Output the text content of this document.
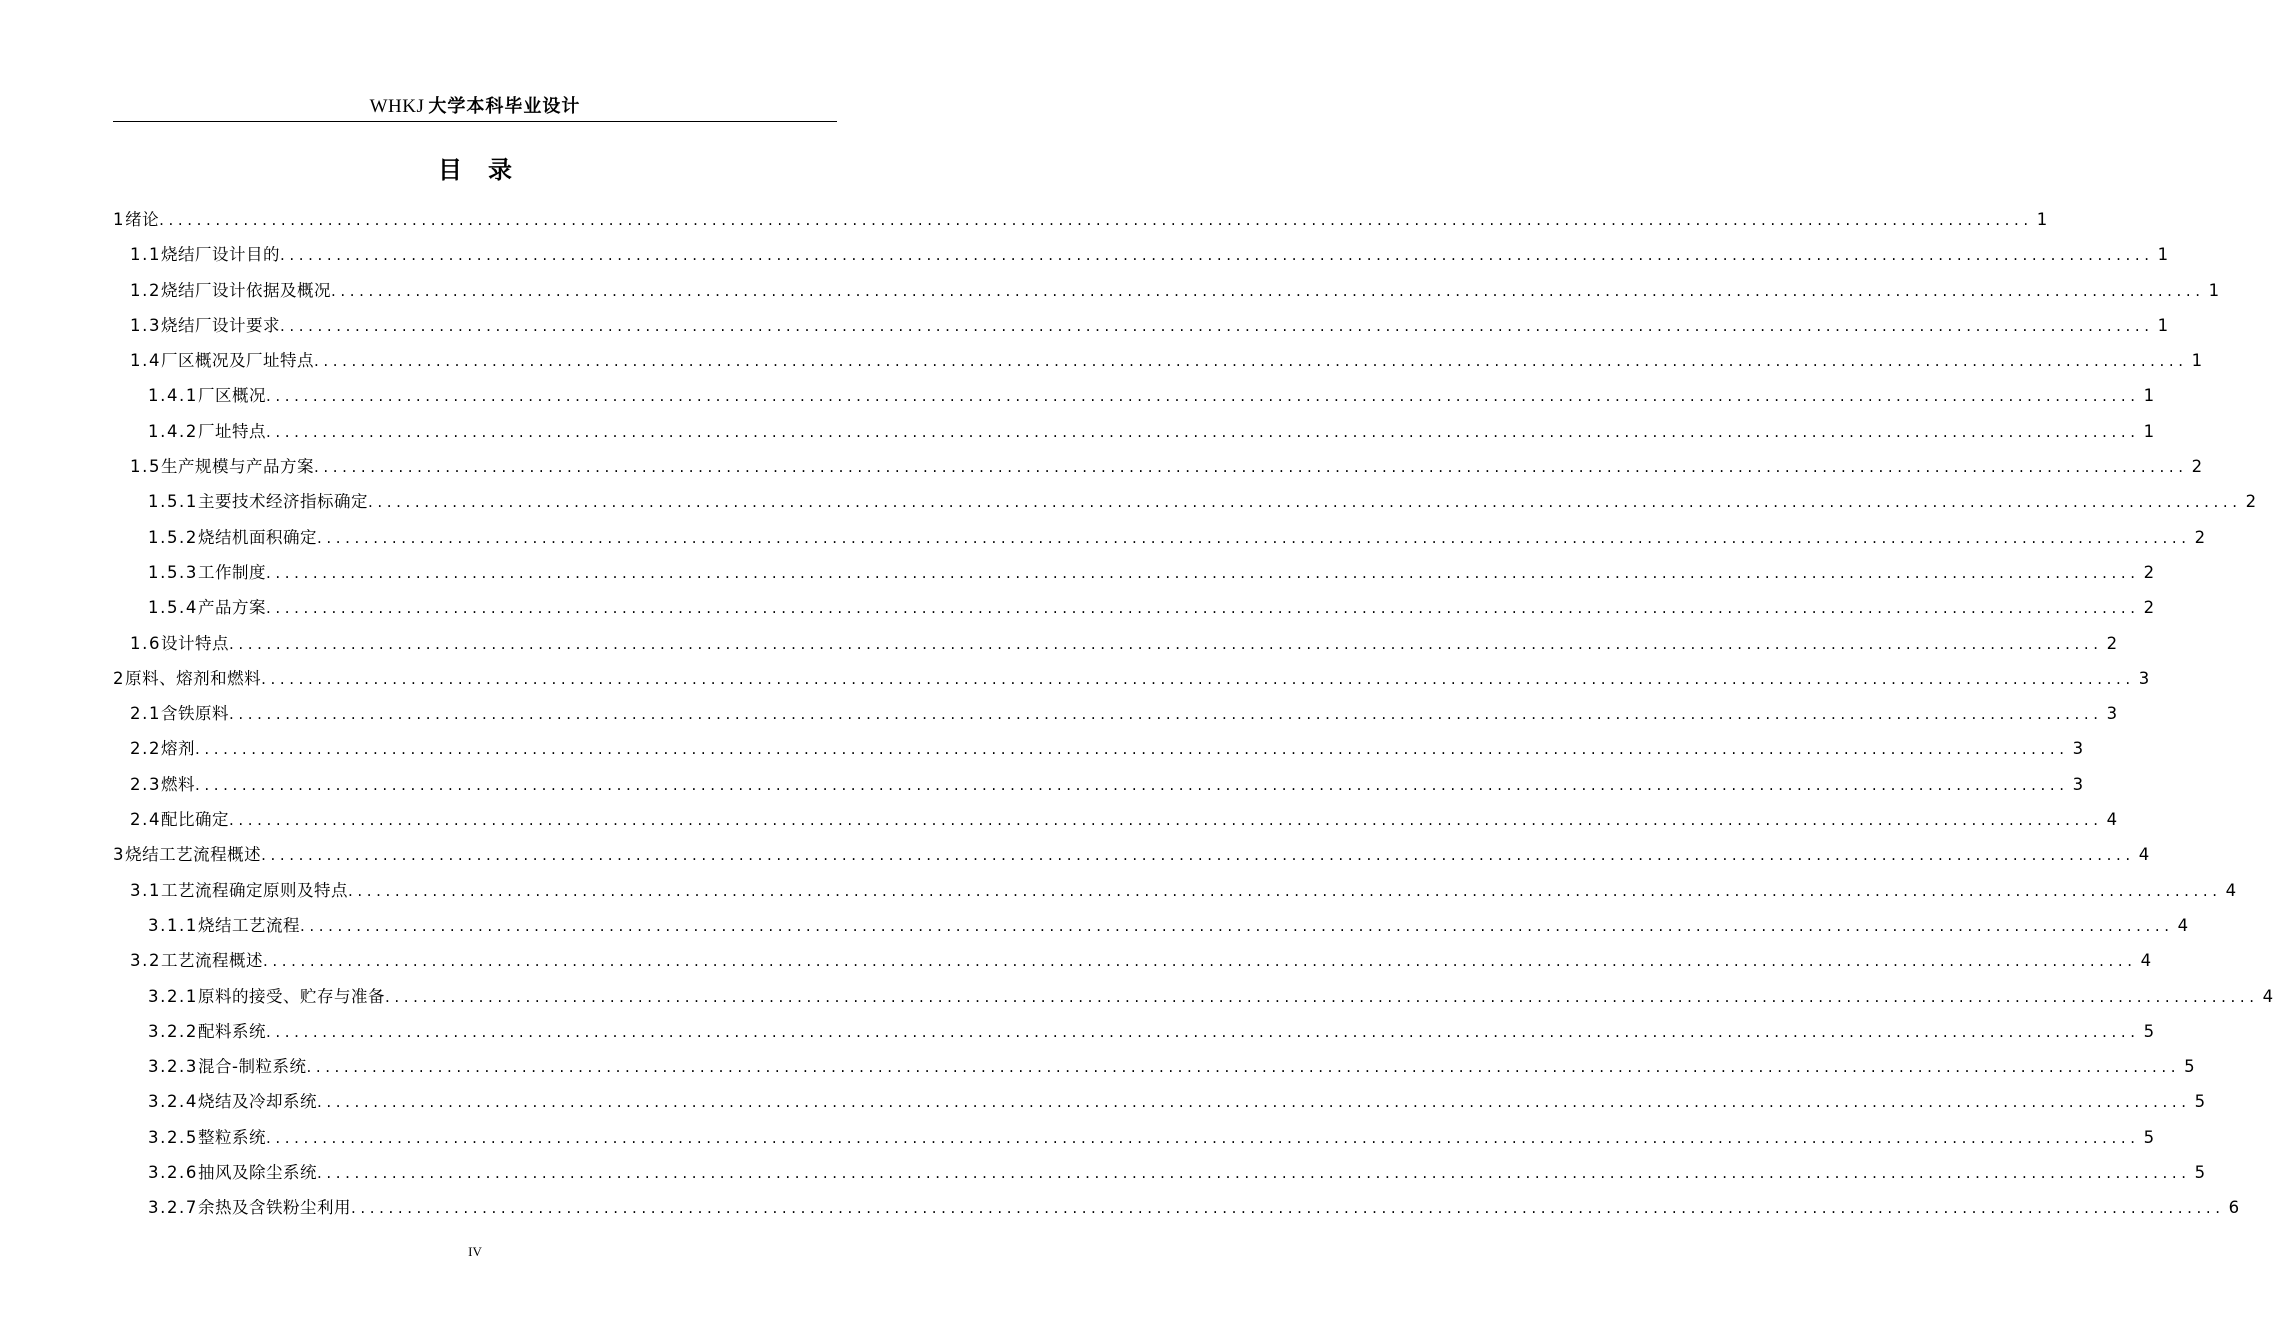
WHKJ 大学本科毕业设计
目录
1 绪论 ........................................................................................................................................................................................................ 1
1.1 烧结厂设计目的 ........................................................................................................................................................................................................ 1
1.2 烧结厂设计依据及概况 ........................................................................................................................................................................................................ 1
1.3 烧结厂设计要求 ........................................................................................................................................................................................................ 1
1.4 厂区概况及厂址特点 ........................................................................................................................................................................................................ 1
1.4.1 厂区概况 ........................................................................................................................................................................................................ 1
1.4.2 厂址特点 ........................................................................................................................................................................................................ 1
1.5 生产规模与产品方案 ........................................................................................................................................................................................................ 2
1.5.1 主要技术经济指标确定 ........................................................................................................................................................................................................ 2
1.5.2 烧结机面积确定 ........................................................................................................................................................................................................ 2
1.5.3 工作制度 ........................................................................................................................................................................................................ 2
1.5.4 产品方案 ........................................................................................................................................................................................................ 2
1.6 设计特点 ........................................................................................................................................................................................................ 2
2 原料、熔剂和燃料 ........................................................................................................................................................................................................ 3
2.1 含铁原料 ........................................................................................................................................................................................................ 3
2.2 熔剂 ........................................................................................................................................................................................................ 3
2.3 燃料 ........................................................................................................................................................................................................ 3
2.4 配比确定 ........................................................................................................................................................................................................ 4
3 烧结工艺流程概述 ........................................................................................................................................................................................................ 4
3.1 工艺流程确定原则及特点 ........................................................................................................................................................................................................ 4
3.1.1 烧结工艺流程 ........................................................................................................................................................................................................ 4
3.2 工艺流程概述 ........................................................................................................................................................................................................ 4
3.2.1 原料的接受、贮存与准备 ........................................................................................................................................................................................................ 4
3.2.2 配料系统 ........................................................................................................................................................................................................ 5
3.2.3 混合-制粒系统 ........................................................................................................................................................................................................ 5
3.2.4 烧结及冷却系统 ........................................................................................................................................................................................................ 5
3.2.5 整粒系统 ........................................................................................................................................................................................................ 5
3.2.6 抽风及除尘系统 ........................................................................................................................................................................................................ 5
3.2.7 余热及含铁粉尘利用 ........................................................................................................................................................................................................ 6
IV
